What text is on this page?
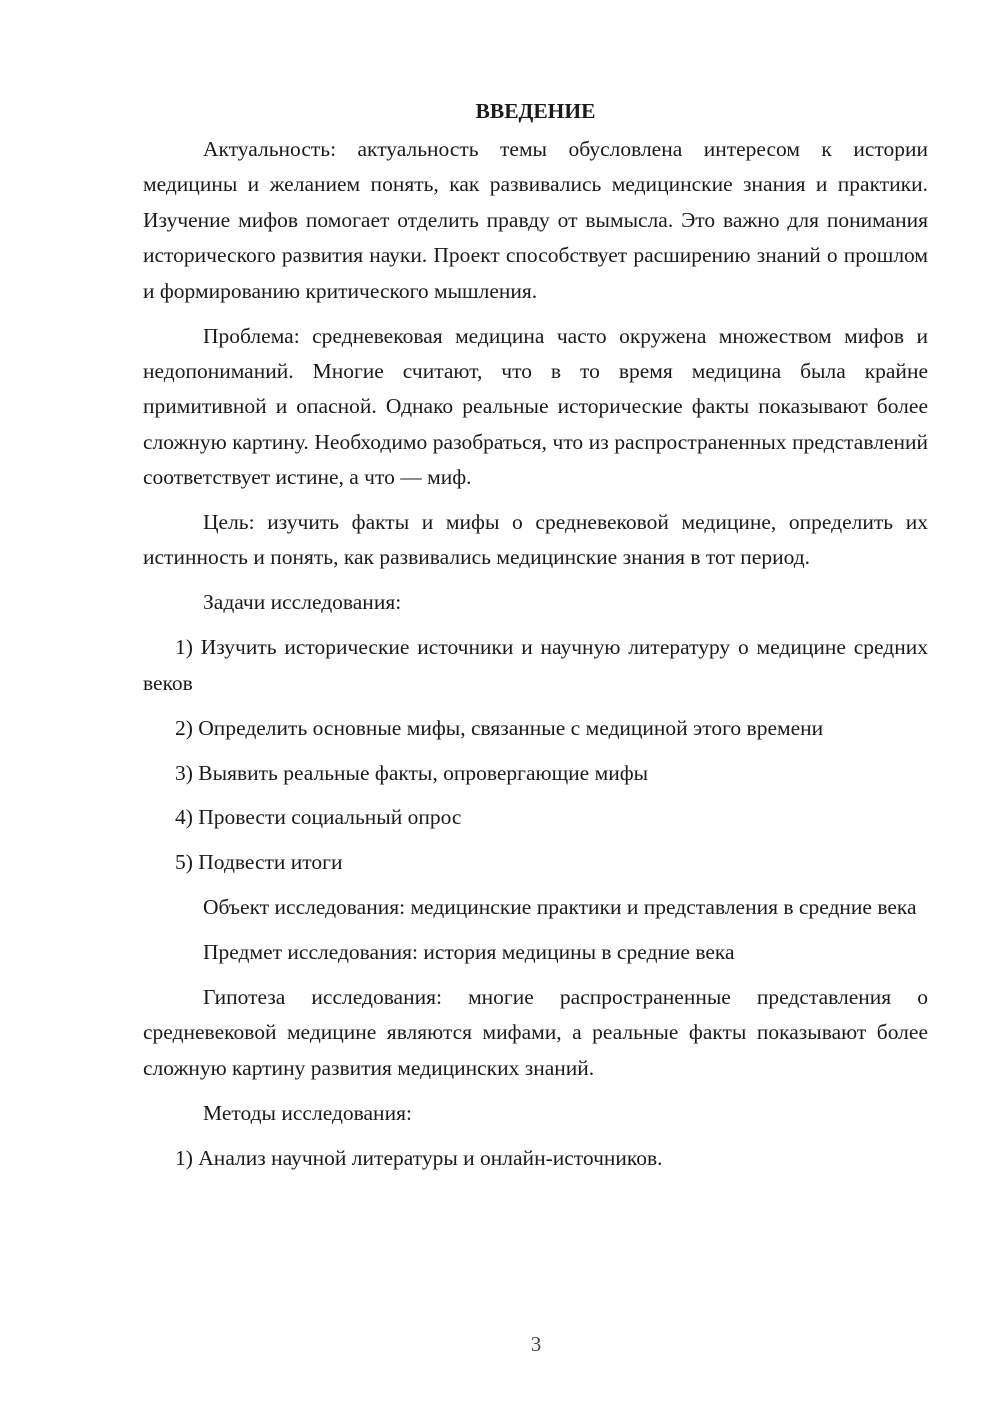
ВВЕДЕНИЕ

Актуальность: актуальность темы обусловлена интересом к истории медицины и желанием понять, как развивались медицинские знания и практики. Изучение мифов помогает отделить правду от вымысла. Это важно для понимания исторического развития науки. Проект способствует расширению знаний о прошлом и формированию критического мышления.

Проблема: средневековая медицина часто окружена множеством мифов и недопониманий. Многие считают, что в то время медицина была крайне примитивной и опасной. Однако реальные исторические факты показывают более сложную картину. Необходимо разобраться, что из распространенных представлений соответствует истине, а что — миф.

Цель: изучить факты и мифы о средневековой медицине, определить их истинность и понять, как развивались медицинские знания в тот период.

Задачи исследования:

1) Изучить исторические источники и научную литературу о медицине средних веков

2) Определить основные мифы, связанные с медициной этого времени

3) Выявить реальные факты, опровергающие мифы

4) Провести социальный опрос

5) Подвести итоги

Объект исследования: медицинские практики и представления в средние века

Предмет исследования: история медицины в средние века

Гипотеза исследования: многие распространенные представления о средневековой медицине являются мифами, а реальные факты показывают более сложную картину развития медицинских знаний.

Методы исследования:

1) Анализ научной литературы и онлайн-источников.

3
